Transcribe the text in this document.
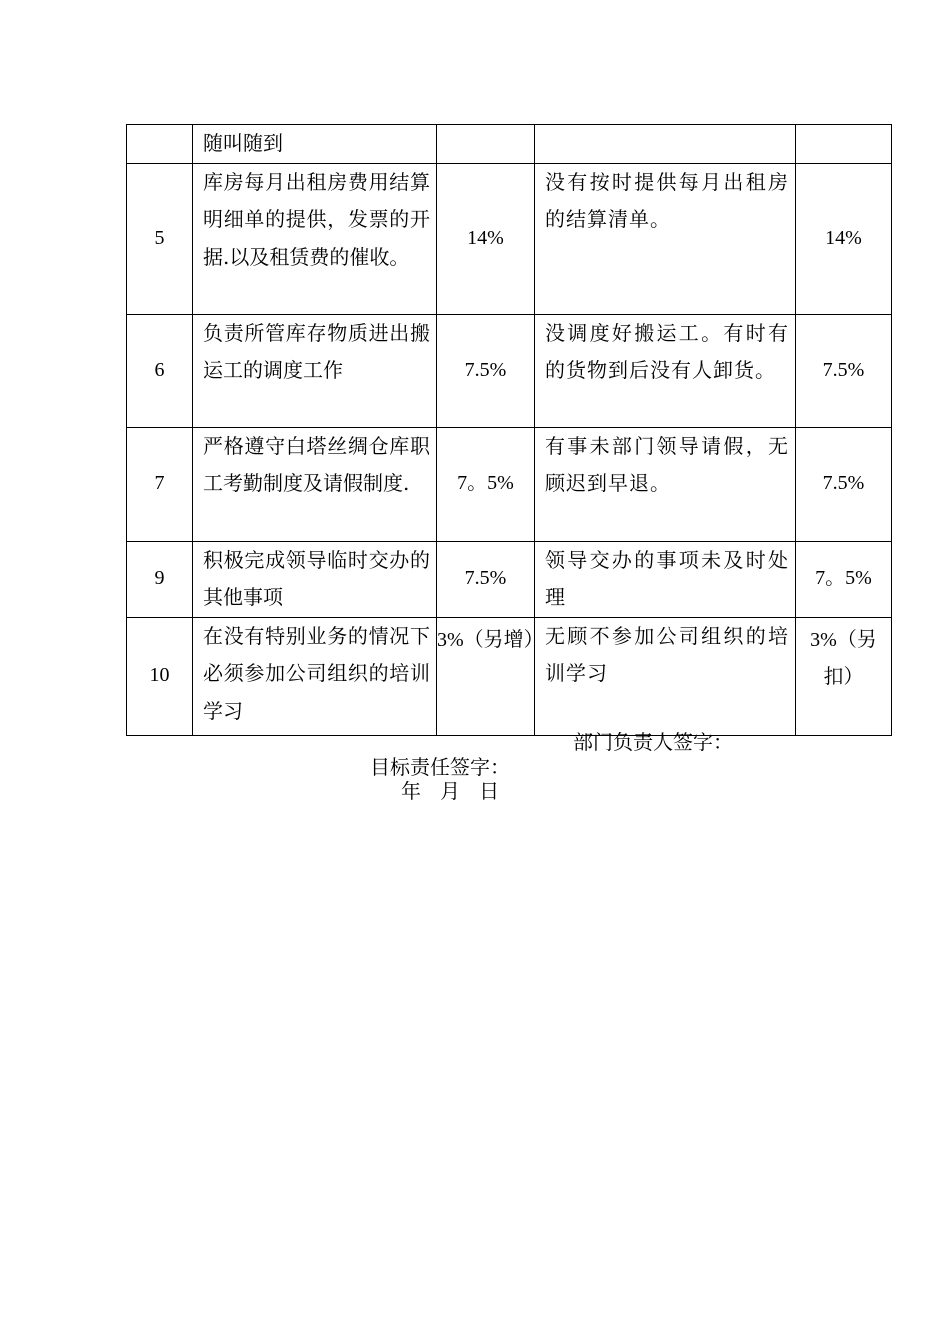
	随叫随到			
5	库房每月出租房费用结算明细单的提供，发票的开据.以及租赁费的催收。	14%	没有按时提供每月出租房的结算清单。	14%
6	负责所管库存物质进出搬运工的调度工作	7.5%	没调度好搬运工。有时有的货物到后没有人卸货。	7.5%
7	严格遵守白塔丝绸仓库职工考勤制度及请假制度.	7。5%	有事未部门领导请假，无顾迟到早退。	7.5%
9	积极完成领导临时交办的其他事项	7.5%	领导交办的事项未及时处理	7。5%
10	在没有特别业务的情况下必须参加公司组织的培训学习	3%（另增）	无顾不参加公司组织的培训学习	3%（另扣）
部门负责人签字：
目标责任签字：
年   月   日
